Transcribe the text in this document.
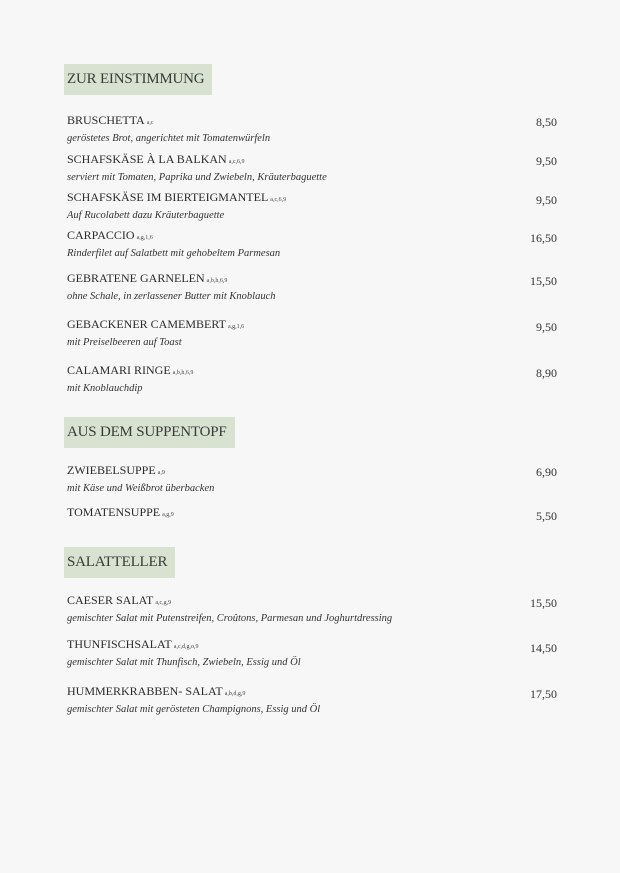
ZUR EINSTIMMUNG
BRUSCHETTA a,c
geröstetes Brot, angerichtet mit Tomatenwürfeln
8,50
SCHAFSKÄSE À LA BALKAN a,c,6,9
serviert mit Tomaten, Paprika und Zwiebeln, Kräuterbaguette
9,50
SCHAFSKÄSE IM BIERTEIGMANTEL a,c,6,9
Auf Rucolabett dazu Kräuterbaguette
9,50
CARPACCIO a,g,1,6
Rinderfilet auf Salatbett mit gehobeltem Parmesan
16,50
GEBRATENE GARNELEN a,b,h,6,9
ohne Schale, in zerlassener Butter mit Knoblauch
15,50
GEBACKENER CAMEMBERT a,g,1,6
mit Preiselbeeren auf Toast
9,50
CALAMARI RINGE a,b,h,6,9
mit Knoblauchdip
8,90
AUS DEM SUPPENTOPF
ZWIEBELSUPPE a,9
mit Käse und Weißbrot überbacken
6,90
TOMATENSUPPE a,g,9	5,50
SALATTELLER
CAESER SALAT a,c,g,9
gemischter Salat mit Putenstreifen, Croûtons, Parmesan und Joghurtdressing
15,50
THUNFISCHSALAT a,c,d,g,o,9
gemischter Salat mit Thunfisch, Zwiebeln, Essig und Öl
14,50
HUMMERKRABBEN- SALAT a,b,d,g,9
gemischter Salat mit gerösteten Champignons, Essig und Öl
17,50
